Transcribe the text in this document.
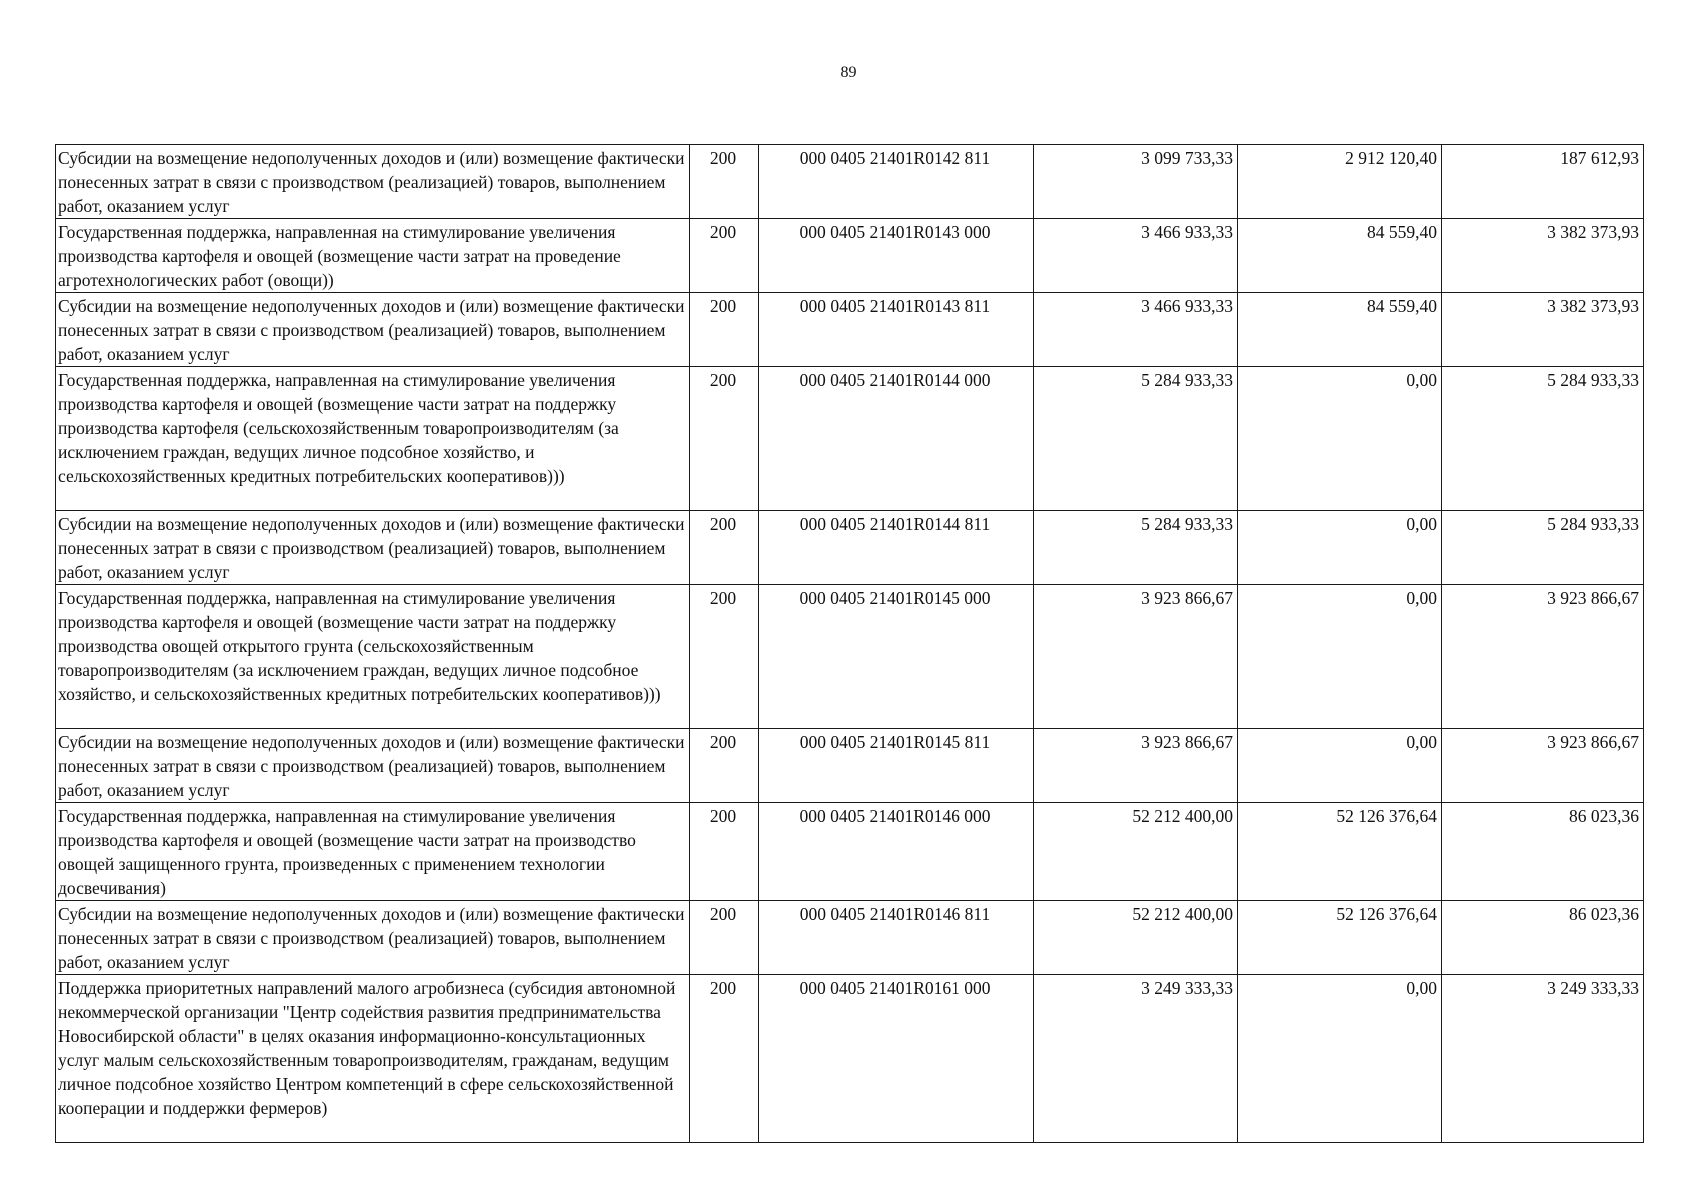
89
Субсидии на возмещение недополученных доходов и (или) возмещение фактически понесенных затрат в связи с производством (реализацией) товаров, выполнением работ, оказанием услуг	200	000 0405 21401R0142 811	3 099 733,33	2 912 120,40	187 612,93
Государственная поддержка, направленная на стимулирование увеличения производства картофеля и овощей (возмещение части затрат на проведение агротехнологических работ (овощи))	200	000 0405 21401R0143 000	3 466 933,33	84 559,40	3 382 373,93
Субсидии на возмещение недополученных доходов и (или) возмещение фактически понесенных затрат в связи с производством (реализацией) товаров, выполнением работ, оказанием услуг	200	000 0405 21401R0143 811	3 466 933,33	84 559,40	3 382 373,93
Государственная поддержка, направленная на стимулирование увеличения производства картофеля и овощей (возмещение части затрат на поддержку производства картофеля (сельскохозяйственным товаропроизводителям (за исключением граждан, ведущих личное подсобное хозяйство, и сельскохозяйственных кредитных потребительских кооперативов)))	200	000 0405 21401R0144 000	5 284 933,33	0,00	5 284 933,33
Субсидии на возмещение недополученных доходов и (или) возмещение фактически понесенных затрат в связи с производством (реализацией) товаров, выполнением работ, оказанием услуг	200	000 0405 21401R0144 811	5 284 933,33	0,00	5 284 933,33
Государственная поддержка, направленная на стимулирование увеличения производства картофеля и овощей (возмещение части затрат на поддержку производства овощей открытого грунта (сельскохозяйственным товаропроизводителям (за исключением граждан, ведущих личное подсобное хозяйство, и сельскохозяйственных кредитных потребительских кооперативов)))	200	000 0405 21401R0145 000	3 923 866,67	0,00	3 923 866,67
Субсидии на возмещение недополученных доходов и (или) возмещение фактически понесенных затрат в связи с производством (реализацией) товаров, выполнением работ, оказанием услуг	200	000 0405 21401R0145 811	3 923 866,67	0,00	3 923 866,67
Государственная поддержка, направленная на стимулирование увеличения производства картофеля и овощей (возмещение части затрат на производство овощей защищенного грунта, произведенных с применением технологии досвечивания)	200	000 0405 21401R0146 000	52 212 400,00	52 126 376,64	86 023,36
Субсидии на возмещение недополученных доходов и (или) возмещение фактически понесенных затрат в связи с производством (реализацией) товаров, выполнением работ, оказанием услуг	200	000 0405 21401R0146 811	52 212 400,00	52 126 376,64	86 023,36
Поддержка приоритетных направлений малого агробизнеса (субсидия автономной некоммерческой организации "Центр содействия развития предпринимательства Новосибирской области" в целях оказания информационно-консультационных услуг малым сельскохозяйственным товаропроизводителям, гражданам, ведущим личное подсобное хозяйство Центром компетенций в сфере сельскохозяйственной кооперации и поддержки фермеров)	200	000 0405 21401R0161 000	3 249 333,33	0,00	3 249 333,33
